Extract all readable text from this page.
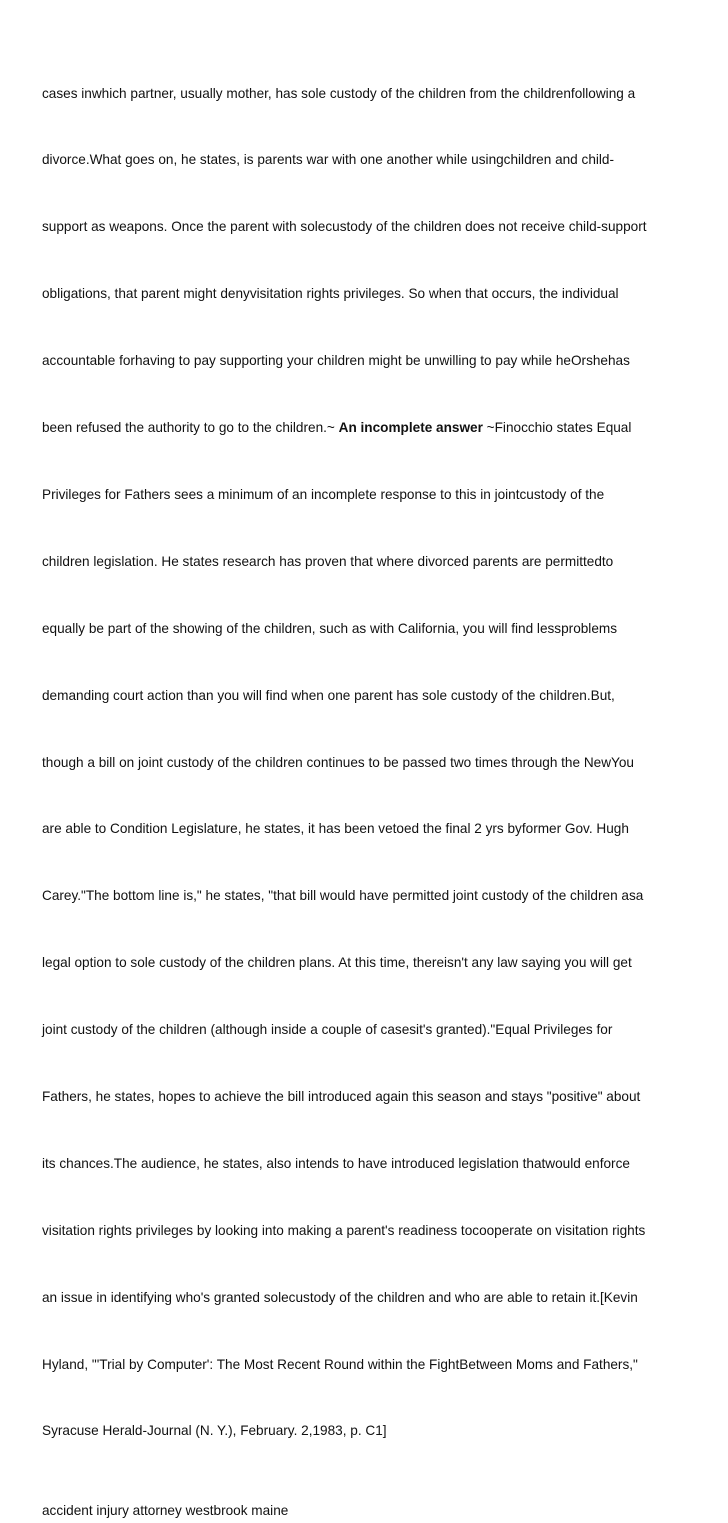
cases inwhich partner, usually mother, has sole custody of the children from the childrenfollowing a

divorce.What goes on, he states, is parents war with one another while usingchildren and child-

support as weapons. Once the parent with solecustody of the children does not receive child-support

obligations, that parent might denyvisitation rights privileges. So when that occurs, the individual

accountable forhaving to pay supporting your children might be unwilling to pay while heOrshehas

been refused the authority to go to the children.~ An incomplete answer ~Finocchio states Equal

Privileges for Fathers sees a minimum of an incomplete response to this in jointcustody of the

children legislation. He states research has proven that where divorced parents are permittedto

equally be part of the showing of the children, such as with California, you will find lessproblems

demanding court action than you will find when one parent has sole custody of the children.But,

though a bill on joint custody of the children continues to be passed two times through the NewYou

are able to Condition Legislature, he states, it has been vetoed the final 2 yrs byformer Gov. Hugh

Carey."The bottom line is," he states, "that bill would have permitted joint custody of the children asa

legal option to sole custody of the children plans. At this time, thereisn't any law saying you will get

joint custody of the children (although inside a couple of casesit's granted)."Equal Privileges for

Fathers, he states, hopes to achieve the bill introduced again this season and stays "positive" about

its chances.The audience, he states, also intends to have introduced legislation thatwould enforce

visitation rights privileges by looking into making a parent's readiness tocooperate on visitation rights

an issue in identifying who's granted solecustody of the children and who are able to retain it.[Kevin

Hyland, "'Trial by Computer': The Most Recent Round within the FightBetween Moms and Fathers,"

Syracuse Herald-Journal (N. Y.), February. 2,1983, p. C1]

accident injury attorney westbrook maine
